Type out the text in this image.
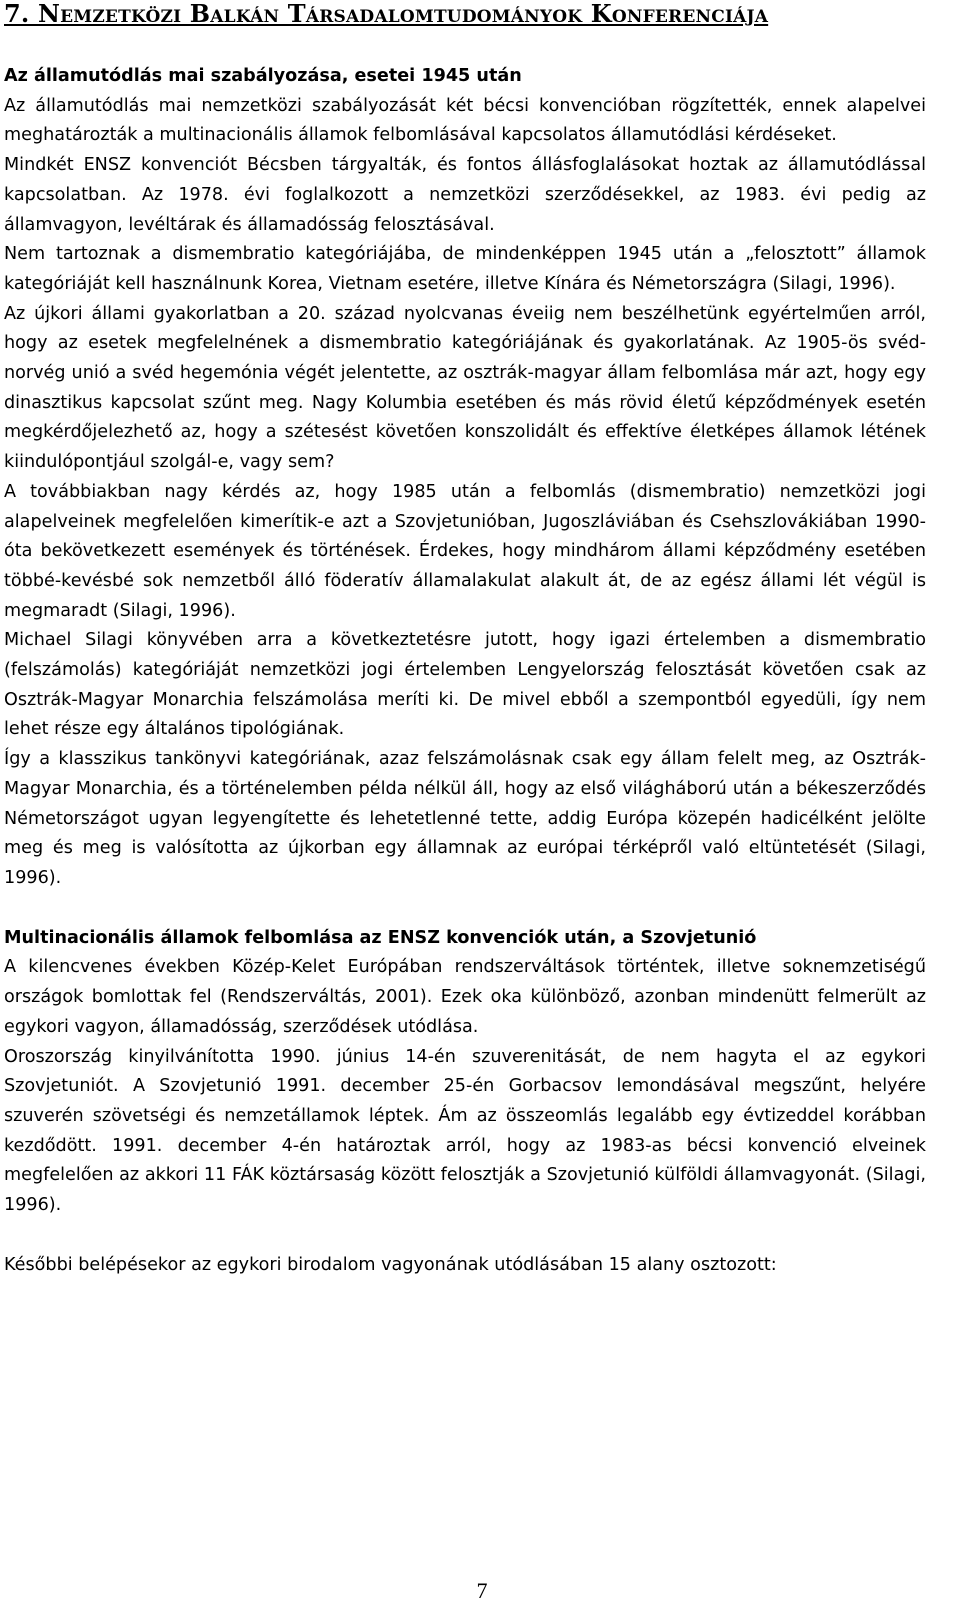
7. Nemzetközi Balkán Társadalomtudományok Konferenciája

Az államutódlás mai szabályozása, esetei 1945 után

Az államutódlás mai nemzetközi szabályozását két bécsi konvencióban rögzítették, ennek alapelvei meghatározták a multinacionális államok felbomlásával kapcsolatos államutódlási kérdéseket.

Mindkét ENSZ konvenciót Bécsben tárgyalták, és fontos állásfoglalásokat hoztak az államutódlással kapcsolatban. Az 1978. évi foglalkozott a nemzetközi szerződésekkel, az 1983. évi pedig az államvagyon, levéltárak és államadósság felosztásával.

Nem tartoznak a dismembratio kategóriájába, de mindenképpen 1945 után a „felosztott” államok kategóriáját kell használnunk Korea, Vietnam esetére, illetve Kínára és Németországra (Silagi, 1996).

Az újkori állami gyakorlatban a 20. század nyolcvanas éveiig nem beszélhetünk egyértelműen arról, hogy az esetek megfelelnének a dismembratio kategóriájának és gyakorlatának. Az 1905-ös svéd-norvég unió a svéd hegemónia végét jelentette, az osztrák-magyar állam felbomlása már azt, hogy egy dinasztikus kapcsolat szűnt meg. Nagy Kolumbia esetében és más rövid életű képződmények esetén megkérdőjelezhető az, hogy a szétesést követően konszolidált és effektíve életképes államok létének kiindulópontjául szolgál-e, vagy sem?

A továbbiakban nagy kérdés az, hogy 1985 után a felbomlás (dismembratio) nemzetközi jogi alapelveinek megfelelően kimerítik-e azt a Szovjetunióban, Jugoszláviában és Csehszlovákiában 1990-óta bekövetkezett események és történések. Érdekes, hogy mindhárom állami képződmény esetében többé-kevésbé sok nemzetből álló föderatív államalakulat alakult át, de az egész állami lét végül is megmaradt (Silagi, 1996).

Michael Silagi könyvében arra a következtetésre jutott, hogy igazi értelemben a dismembratio (felszámolás) kategóriáját nemzetközi jogi értelemben Lengyelország felosztását követően csak az Osztrák-Magyar Monarchia felszámolása meríti ki. De mivel ebből a szempontból egyedüli, így nem lehet része egy általános tipológiának.

Így a klasszikus tankönyvi kategóriának, azaz felszámolásnak csak egy állam felelt meg, az Osztrák-Magyar Monarchia, és a történelemben példa nélkül áll, hogy az első világháború után a békeszerződés Németországot ugyan legyengítette és lehetetlenné tette, addig Európa közepén hadicélként jelölte meg és meg is valósította az újkorban egy államnak az európai térképről való eltüntetését (Silagi, 1996).

Multinacionális államok felbomlása az ENSZ konvenciók után, a Szovjetunió

A kilencvenes években Közép-Kelet Európában rendszerváltások történtek, illetve soknemzetiségű országok bomlottak fel (Rendszerváltás, 2001). Ezek oka különböző, azonban mindenütt felmerült az egykori vagyon, államadósság, szerződések utódlása.

Oroszország kinyilvánította 1990. június 14-én szuverenitását, de nem hagyta el az egykori Szovjetuniót. A Szovjetunió 1991. december 25-én Gorbacsov lemondásával megszűnt, helyére szuverén szövetségi és nemzetállamok léptek. Ám az összeomlás legalább egy évtizeddel korábban kezdődött. 1991. december 4-én határoztak arról, hogy az 1983-as bécsi konvenció elveinek megfelelően az akkori 11 FÁK köztársaság között felosztják a Szovjetunió külföldi államvagyonát. (Silagi, 1996).

Későbbi belépésekor az egykori birodalom vagyonának utódlásában 15 alany osztozott:

7
